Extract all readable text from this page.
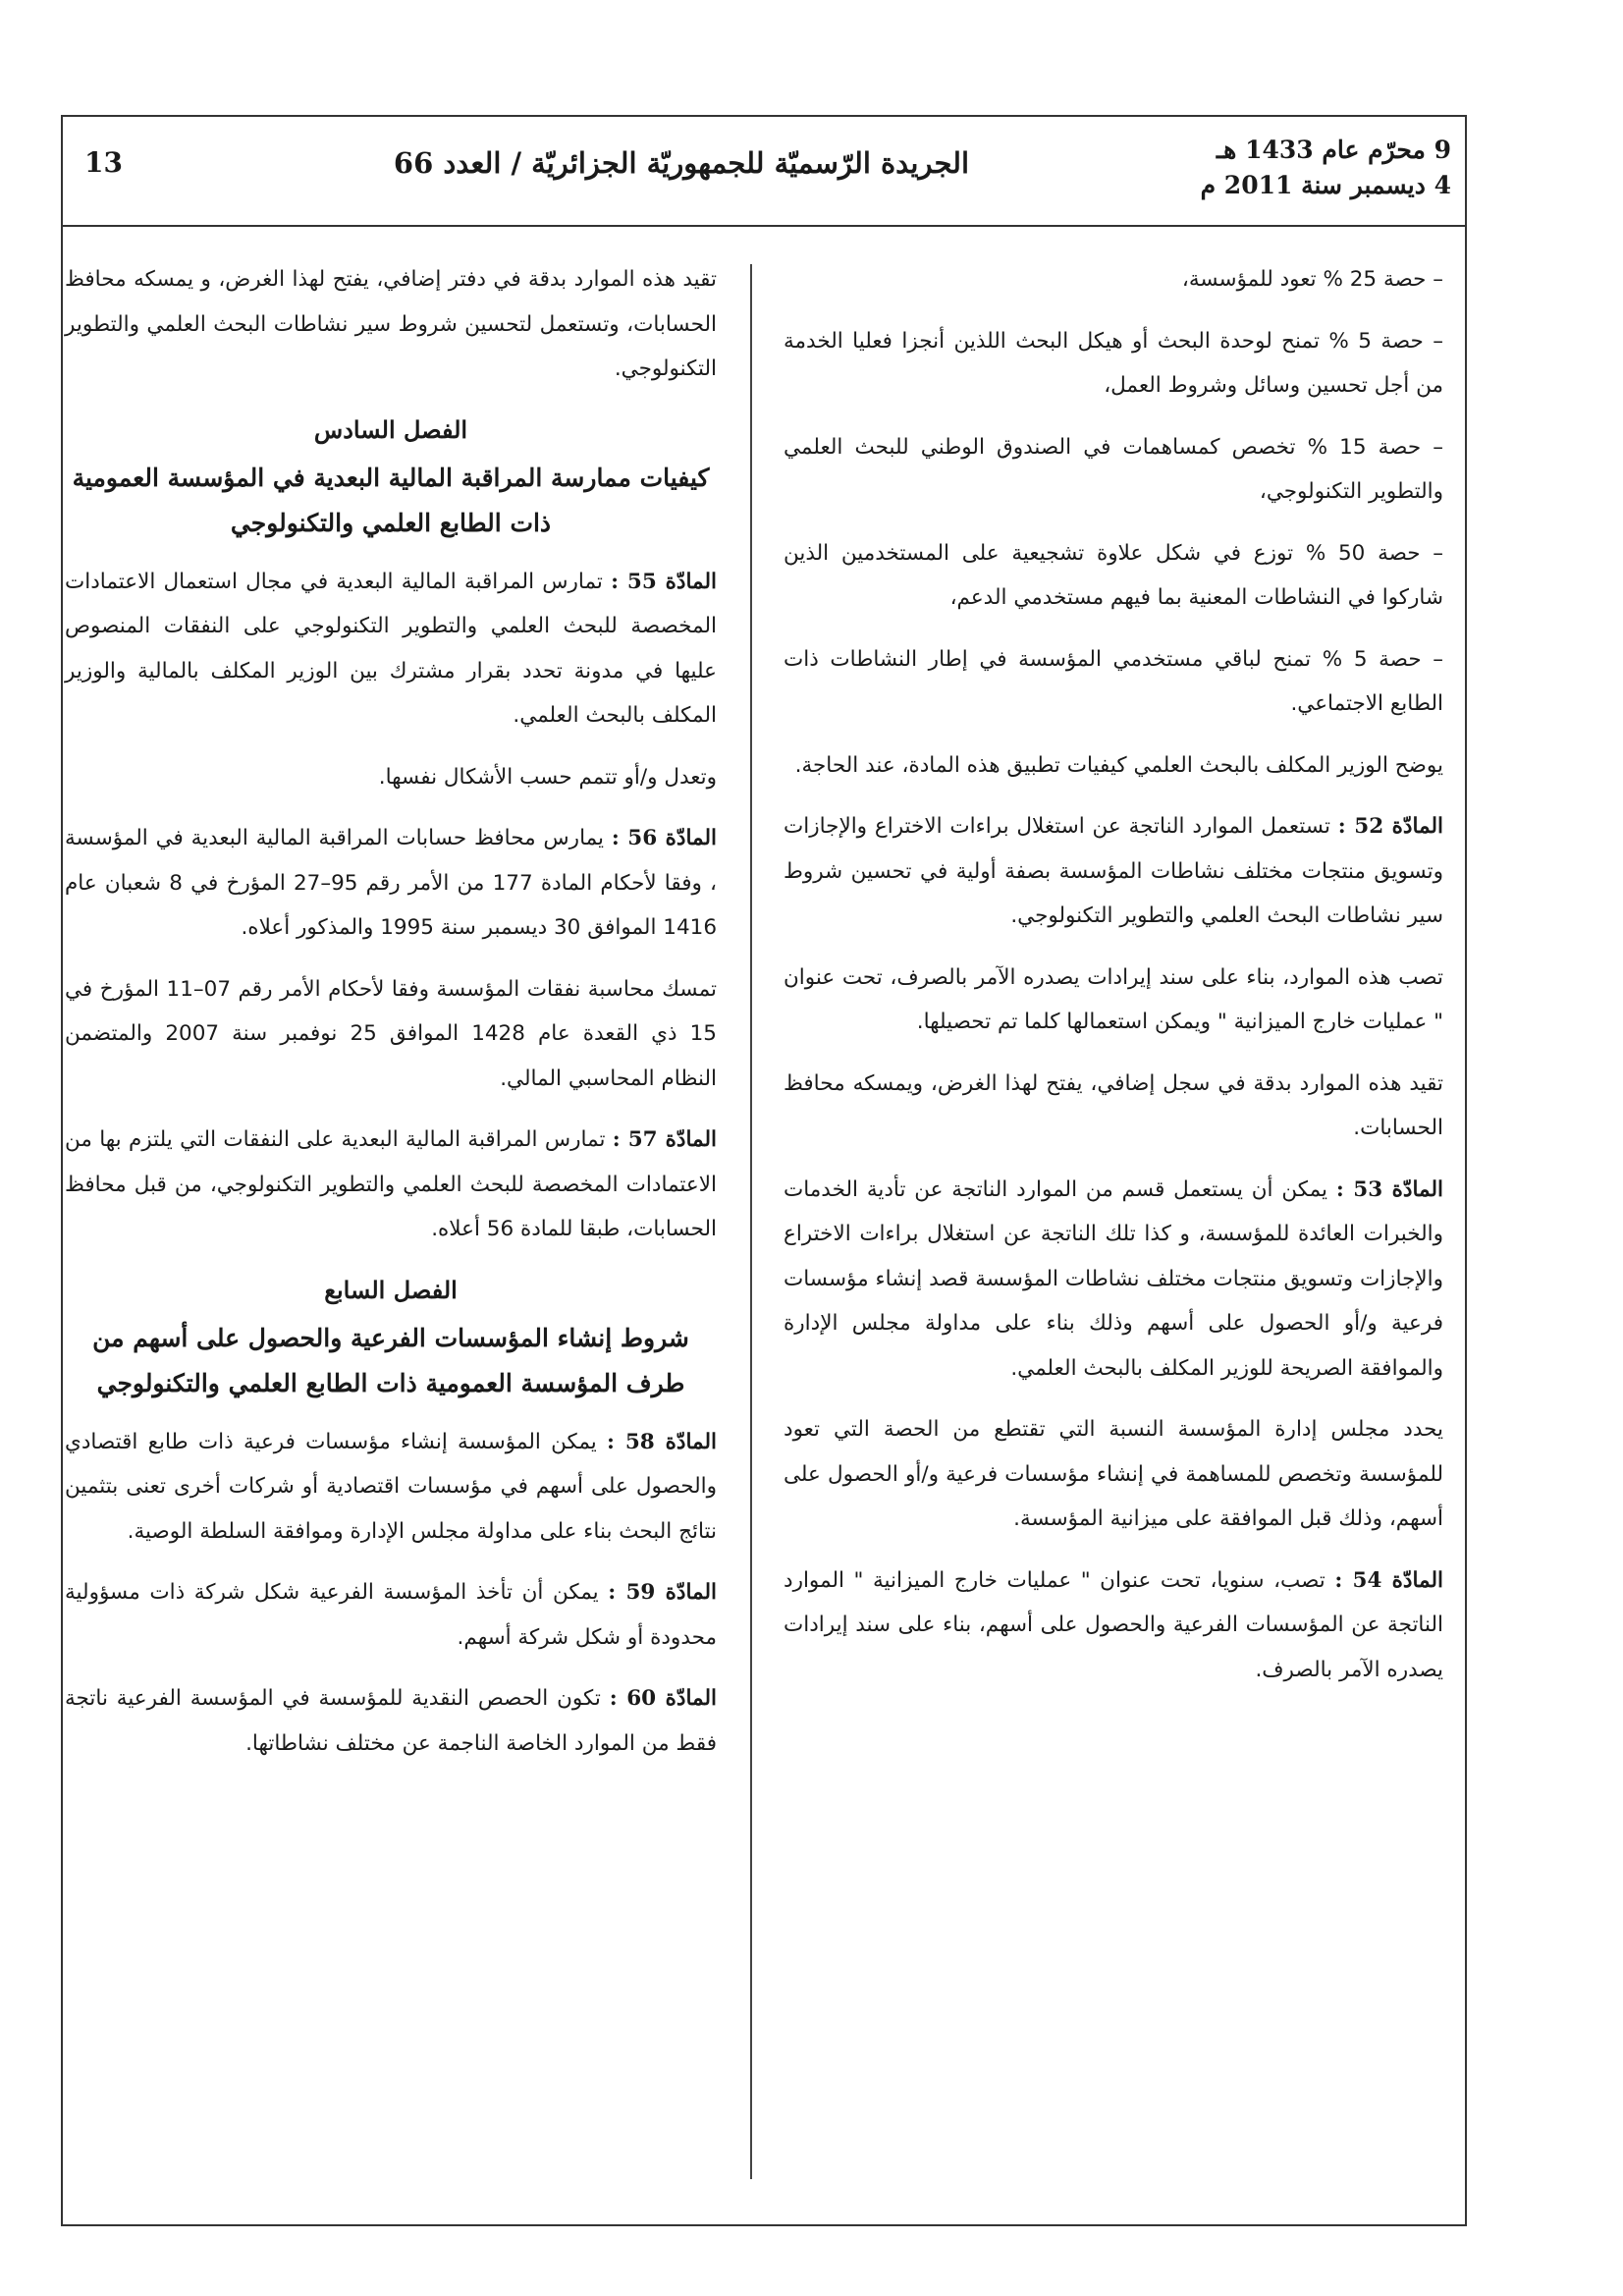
9 محرّم عام 1433 هـ
4 ديسمبر سنة 2011 م
الجريدة الرّسميّة للجمهوريّة الجزائريّة / العدد 66
13

– حصة 25 % تعود للمؤسسة،

– حصة 5 % تمنح لوحدة البحث أو هيكل البحث اللذين أنجزا فعليا الخدمة من أجل تحسين وسائل وشروط العمل،

– حصة 15 % تخصص كمساهمات في الصندوق الوطني للبحث العلمي والتطوير التكنولوجي،

– حصة 50 % توزع في شكل علاوة تشجيعية على المستخدمين الذين شاركوا في النشاطات المعنية بما فيهم مستخدمي الدعم،

– حصة 5 % تمنح لباقي مستخدمي المؤسسة في إطار النشاطات ذات الطابع الاجتماعي.

يوضح الوزير المكلف بالبحث العلمي كيفيات تطبيق هذه المادة، عند الحاجة.

المادّة 52 : تستعمل الموارد الناتجة عن استغلال براءات الاختراع والإجازات وتسويق منتجات مختلف نشاطات المؤسسة بصفة أولية في تحسين شروط سير نشاطات البحث العلمي والتطوير التكنولوجي.

تصب هذه الموارد، بناء على سند إيرادات يصدره الآمر بالصرف، تحت عنوان " عمليات خارج الميزانية " ويمكن استعمالها كلما تم تحصيلها.

تقيد هذه الموارد بدقة في سجل إضافي، يفتح لهذا الغرض، ويمسكه محافظ الحسابات.

المادّة 53 : يمكن أن يستعمل قسم من الموارد الناتجة عن تأدية الخدمات والخبرات العائدة للمؤسسة، و كذا تلك الناتجة عن استغلال براءات الاختراع والإجازات وتسويق منتجات مختلف نشاطات المؤسسة قصد إنشاء مؤسسات فرعية و/أو الحصول على أسهم وذلك بناء على مداولة مجلس الإدارة والموافقة الصريحة للوزير المكلف بالبحث العلمي.

يحدد مجلس إدارة المؤسسة النسبة التي تقتطع من الحصة التي تعود للمؤسسة وتخصص للمساهمة في إنشاء مؤسسات فرعية و/أو الحصول على أسهم، وذلك قبل الموافقة على ميزانية المؤسسة.

المادّة 54 : تصب، سنويا، تحت عنوان " عمليات خارج الميزانية " الموارد الناتجة عن المؤسسات الفرعية والحصول على أسهم، بناء على سند إيرادات يصدره الآمر بالصرف.

تقيد هذه الموارد بدقة في دفتر إضافي، يفتح لهذا الغرض، و يمسكه محافظ الحسابات، وتستعمل لتحسين شروط سير نشاطات البحث العلمي والتطوير التكنولوجي.

الفصل السادس
كيفيات ممارسة المراقبة المالية البعدية في المؤسسة العمومية ذات الطابع العلمي والتكنولوجي

المادّة 55 : تمارس المراقبة المالية البعدية في مجال استعمال الاعتمادات المخصصة للبحث العلمي والتطوير التكنولوجي على النفقات المنصوص عليها في مدونة تحدد بقرار مشترك بين الوزير المكلف بالمالية والوزير المكلف بالبحث العلمي.

وتعدل و/أو تتمم حسب الأشكال نفسها.

المادّة 56 : يمارس محافظ حسابات المراقبة المالية البعدية في المؤسسة ، وفقا لأحكام المادة 177 من الأمر رقم 95–27 المؤرخ في 8 شعبان عام 1416 الموافق 30 ديسمبر سنة 1995 والمذكور أعلاه.

تمسك محاسبة نفقات المؤسسة وفقا لأحكام الأمر رقم 07–11 المؤرخ في 15 ذي القعدة عام 1428 الموافق 25 نوفمبر سنة 2007 والمتضمن النظام المحاسبي المالي.

المادّة 57 : تمارس المراقبة المالية البعدية على النفقات التي يلتزم بها من الاعتمادات المخصصة للبحث العلمي والتطوير التكنولوجي، من قبل محافظ الحسابات، طبقا للمادة 56 أعلاه.

الفصل السابع
شروط إنشاء المؤسسات الفرعية والحصول على أسهم من طرف المؤسسة العمومية ذات الطابع العلمي والتكنولوجي

المادّة 58 : يمكن المؤسسة إنشاء مؤسسات فرعية ذات طابع اقتصادي والحصول على أسهم في مؤسسات اقتصادية أو شركات أخرى تعنى بتثمين نتائج البحث بناء على مداولة مجلس الإدارة وموافقة السلطة الوصية.

المادّة 59 : يمكن أن تأخذ المؤسسة الفرعية شكل شركة ذات مسؤولية محدودة أو شكل شركة أسهم.

المادّة 60 : تكون الحصص النقدية للمؤسسة في المؤسسة الفرعية ناتجة فقط من الموارد الخاصة الناجمة عن مختلف نشاطاتها.
